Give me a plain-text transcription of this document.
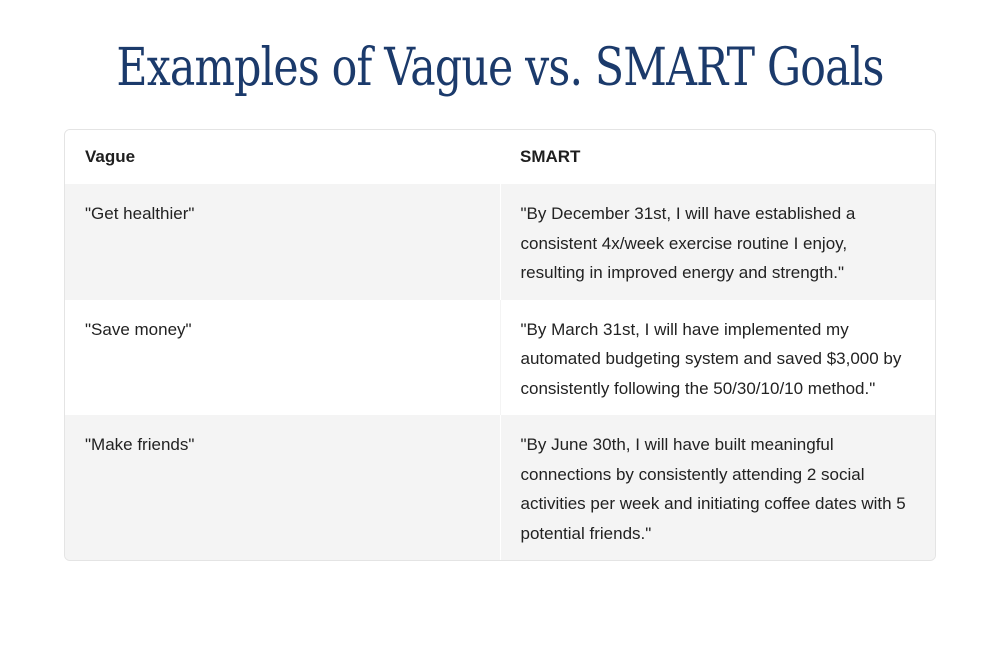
Examples of Vague vs. SMART Goals
Vague	SMART
"Get healthier"	"By December 31st, I will have established a consistent 4x/week exercise routine I enjoy, resulting in improved energy and strength."
"Save money"	"By March 31st, I will have implemented my automated budgeting system and saved $3,000 by consistently following the 50/30/10/10 method."
"Make friends"	"By June 30th, I will have built meaningful connections by consistently attending 2 social activities per week and initiating coffee dates with 5 potential friends."
